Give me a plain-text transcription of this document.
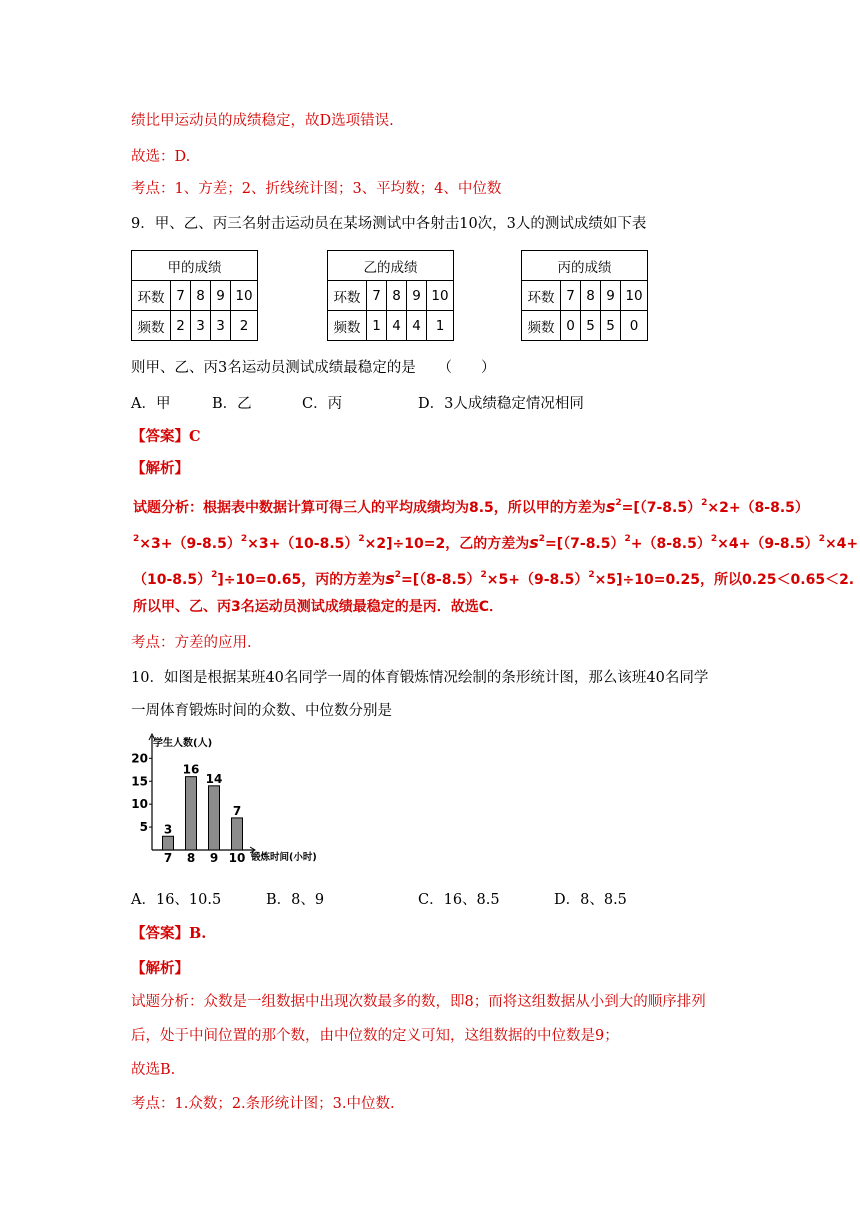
绩比甲运动员的成绩稳定，故D选项错误.
故选：D.
考点：1、方差；2、折线统计图；3、平均数；4、中位数
9．甲、乙、丙三名射击运动员在某场测试中各射击10次，3人的测试成绩如下表
甲的成绩				
环数	7	8	9	10
频数	2	3	3	2
乙的成绩				
环数	7	8	9	10
频数	1	4	4	1
丙的成绩				
环数	7	8	9	10
频数	0	5	5	0
则甲、乙、丙3名运动员测试成绩最稳定的是　　（　　）
A．甲	B．乙	C．丙	D．3人成绩稳定情况相同
【答案】C
【解析】
试题分析：根据表中数据计算可得三人的平均成绩均为8.5，所以甲的方差为$s^2=[(7-8.5)^2\times 2+(8-8.5)$
$^2\times 3+(9-8.5)^2\times 3+(10-8.5)^2\times 2]\div 10=2$，乙的方差为$s^2=[(7-8.5)^2+(8-8.5)^2\times 4+(9-8.5)^2\times 4+$
$(10-8.5)^2]\div 10=0.65$，丙的方差为$s^2=[(8-8.5)^2\times 5+(9-8.5)^2\times 5]\div 10=0.25$，所以0.25＜0.65＜2.
所以甲、乙、丙3名运动员测试成绩最稳定的是丙．故选C．
考点：方差的应用.
10．如图是根据某班40名同学一周的体育锻炼情况绘制的条形统计图，那么该班40名同学
一周体育锻炼时间的众数、中位数分别是
学生人数(人)
锻炼时间(小时)
5
10
15
20
3
7
16
8
14
9
7
10
A．16、10.5	B．8、9	C．16、8.5	D．8、8.5
【答案】B.
【解析】
试题分析：众数是一组数据中出现次数最多的数，即8；而将这组数据从小到大的顺序排列
后，处于中间位置的那个数，由中位数的定义可知，这组数据的中位数是9；
故选B.
考点：1.众数；2.条形统计图；3.中位数.
